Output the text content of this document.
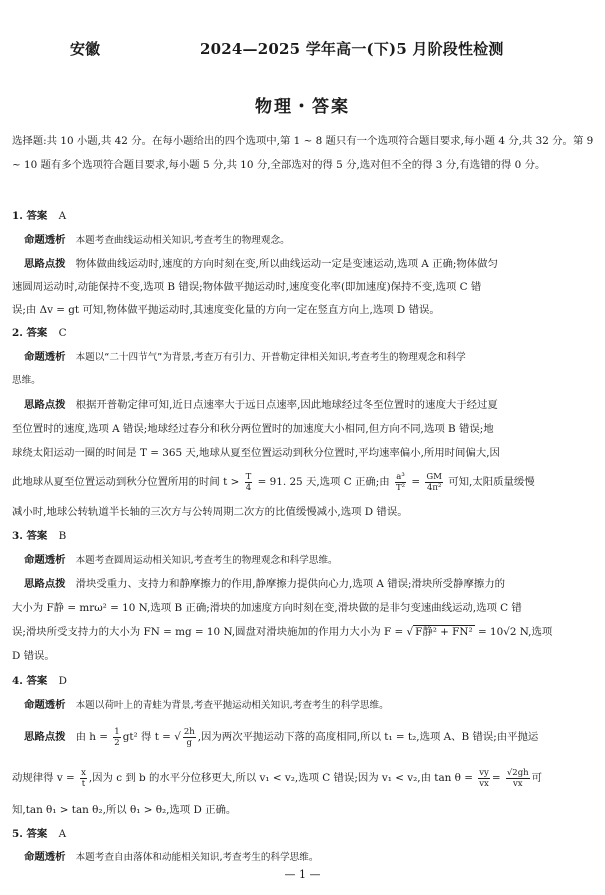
安徽	2024—2025 学年高一(下)5 月阶段性检测
物理・答案
选择题:共 10 小题,共 42 分。在每小题给出的四个选项中,第 1 ~ 8 题只有一个选项符合题目要求,每小题 4 分,共 32 分。第 9 ~ 10 题有多个选项符合题目要求,每小题 5 分,共 10 分,全部选对的得 5 分,选对但不全的得 3 分,有选错的得 0 分。
1. 答案 A
命题透析 本题考查曲线运动相关知识,考查考生的物理观念。
思路点拨 物体做曲线运动时,速度的方向时刻在变,所以曲线运动一定是变速运动,选项 A 正确;物体做匀
速圆周运动时,动能保持不变,选项 B 错误;物体做平抛运动时,速度变化率(即加速度)保持不变,选项 C 错
误;由 Δv = gt 可知,物体做平抛运动时,其速度变化量的方向一定在竖直方向上,选项 D 错误。
2. 答案 C
命题透析 本题以“二十四节气”为背景,考查万有引力、开普勒定律相关知识,考查考生的物理观念和科学
思维。
思路点拨 根据开普勒定律可知,近日点速率大于远日点速率,因此地球经过冬至位置时的速度大于经过夏
至位置时的速度,选项 A 错误;地球经过春分和秋分两位置时的加速度大小相同,但方向不同,选项 B 错误;地
球绕太阳运动一圈的时间是 T = 365 天,地球从夏至位置运动到秋分位置时,平均速率偏小,所用时间偏大,因
此地球从夏至位置运动到秋分位置所用的时间 $t > \frac{T}{4} = 91$. 25 天,选项 C 正确;由 $\frac{\text{a³}}{\text{T²}} = \frac{GM}{\text{4π²}}$ 可知,太阳质量缓慢
减小时,地球公转轨道半长轴的三次方与公转周期二次方的比值缓慢减小,选项 D 错误。
3. 答案 B
命题透析 本题考查圆周运动相关知识,考查考生的物理观念和科学思维。
思路点拨 滑块受重力、支持力和静摩擦力的作用,静摩擦力提供向心力,选项 A 错误;滑块所受静摩擦力的
大小为 F静 = mrω² = 10 N,选项 B 正确;滑块的加速度方向时刻在变,滑块做的是非匀变速曲线运动,选项 C 错
误;滑块所受支持力的大小为 FN = mg = 10 N,圆盘对滑块施加的作用力大小为 F = √ F静² + FN² = 10√2 N,选项
D 错误。
4. 答案 D
命题透析 本题以荷叶上的青蛙为背景,考查平抛运动相关知识,考查考生的科学思维。
思路点拨 由 $h = \frac{1}{2} gt^2$ 得 t = √ $\frac{2h}{g}$ ,因为两次平抛运动下落的高度相同,所以 t₁ = t₂,选项 A、B 错误;由平抛运
动规律得 $v = \frac{x}{t}$ ,因为 c 到 b 的水平分位移更大,所以 v₁ < v₂,选项 C 错误;因为 v₁ < v₂,由 $\tan \theta = \frac{vy}{vx} = \frac{√2gh}{vx}$ 可
知,tan θ₁ > tan θ₂,所以 θ₁ > θ₂,选项 D 正确。
5. 答案 A
命题透析 本题考查自由落体和动能相关知识,考查考生的科学思维。
— 1 —
